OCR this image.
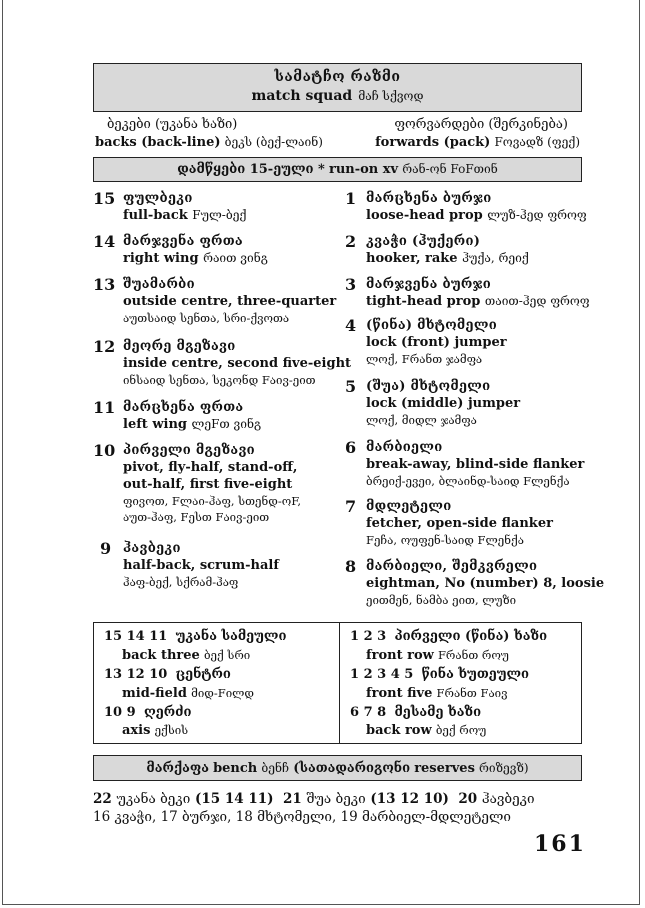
სამატჩო რაზმი
match squad მაჩ სქვოდ
ბეკები (უკანა ხაზი)	ფორვარდები (შერკინება)
backs (back-line) ბეკს (ბექ-ლაინ)	forwards (pack) Fოვადზ (ფექ)
დამწყები 15-ეული * run-on xv რან-ონ FoFთინ
15 ფულბეკი
full-back Fულ-ბექ
14 მარჯვენა ფრთა
right wing რაით ვინგ
13 შუამარბი
outside centre, three-quarter
აუთსაიდ სენთა, სრი-ქვოთა
12 მეორე მგეზავი
inside centre, second five-eight
ინსაიდ სენთა, სეკონდ Fაივ-ეით
11 მარცხენა ფრთა
left wing ლეFთ ვინგ
10 პირველი მგეზავი
pivot, fly-half, stand-off,
out-half, first five-eight
ფივოთ, Fლაი-ჰაფ, სთენდ-ოF,
აუთ-ჰაფ, Fესთ Fაივ-ეით
9 ჰავბეკი
half-back, scrum-half
ჰაფ-ბექ, სქრამ-ჰაფ
1 მარცხენა ბურჯი
loose-head prop ლუზ-ჰედ ფროფ
2 კვაჭი (ჰუქერი)
hooker, rake ჰუქა, რეიქ
3 მარჯვენა ბურჯი
tight-head prop თაით-ჰედ ფროფ
4 (წინა) მხტომელი
lock (front) jumper
ლოქ, Fრანთ ჯამფა
5 (შუა) მხტომელი
lock (middle) jumper
ლოქ, მიდლ ჯამფა
6 მარბიელი
break-away, blind-side flanker
ბრეიქ-ევეი, ბლაინდ-საიდ Fლენქა
7 მდლეტელი
fetcher, open-side flanker
Fეჩა, ოუფენ-საიდ Fლენქა
8 მარბიელი, შემკვრელი
eightman, No (number) 8, loosie
ეითმენ, ნამბა ეით, ლუზი
15 14 11 უკანა სამეული
back three ბექ სრი
13 12 10 ცენტრი
mid-field მიდ-Fილდ
10 9 ღერძი
axis ექსის
1 2 3 პირველი (წინა) ხაზი
front row Fრანთ როუ
1 2 3 4 5 წინა ხუთეული
front five Fრანთ Fაივ
6 7 8 მესამე ხაზი
back row ბექ როუ
მარქაფა bench ბენჩ (სათადარიგონი reserves რიზევზ)
22 უკანა ბეკი (15 14 11) 21 შუა ბეკი (13 12 10) 20 ჰავბეკი
16 კვაჭი, 17 ბურჯი, 18 მხტომელი, 19 მარბიელ-მდლეტელი
161
